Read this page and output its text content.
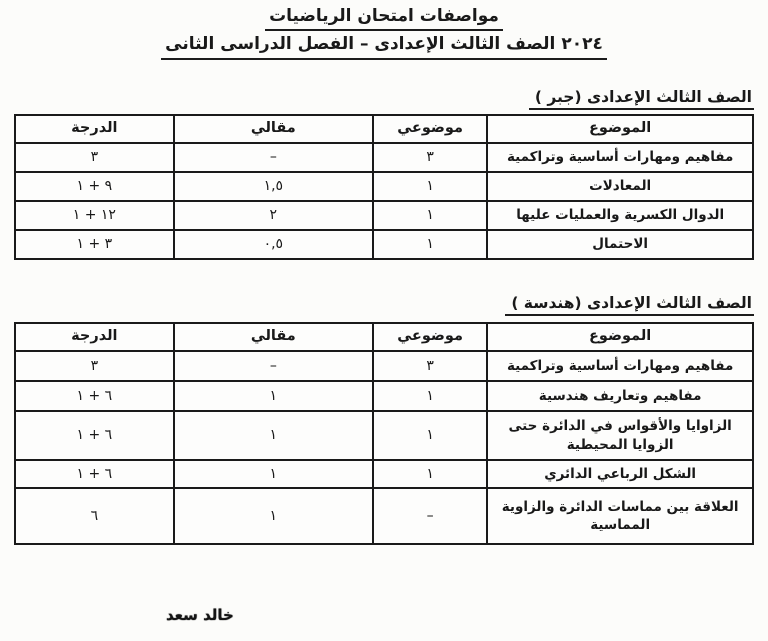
مواصفات امتحان الرياضيات
٢٠٢٤ الصف الثالث الإعدادى – الفصل الدراسى الثانى
الصف الثالث الإعدادى (جبر )
الموضوع	موضوعي	مقالي	الدرجة
مفاهيم ومهارات أساسية وتراكمية	٣	–	٣
المعادلات	١	١,٥	٩ + ١
الدوال الكسرية والعمليات عليها	١	٢	١٢ + ١
الاحتمال	١	٠,٥	٣ + ١
الصف الثالث الإعدادى (هندسة )
الموضوع	موضوعي	مقالي	الدرجة
مفاهيم ومهارات أساسية وتراكمية	٣	–	٣
مفاهيم وتعاريف هندسية	١	١	٦ + ١
الزاوايا والأقواس في الدائرة حتى الزوايا المحيطية	١	١	٦ + ١
الشكل الرباعي الدائري	١	١	٦ + ١
العلاقة بين مماسات الدائرة والزاوية المماسية	–	١	٦
خالد سعد
